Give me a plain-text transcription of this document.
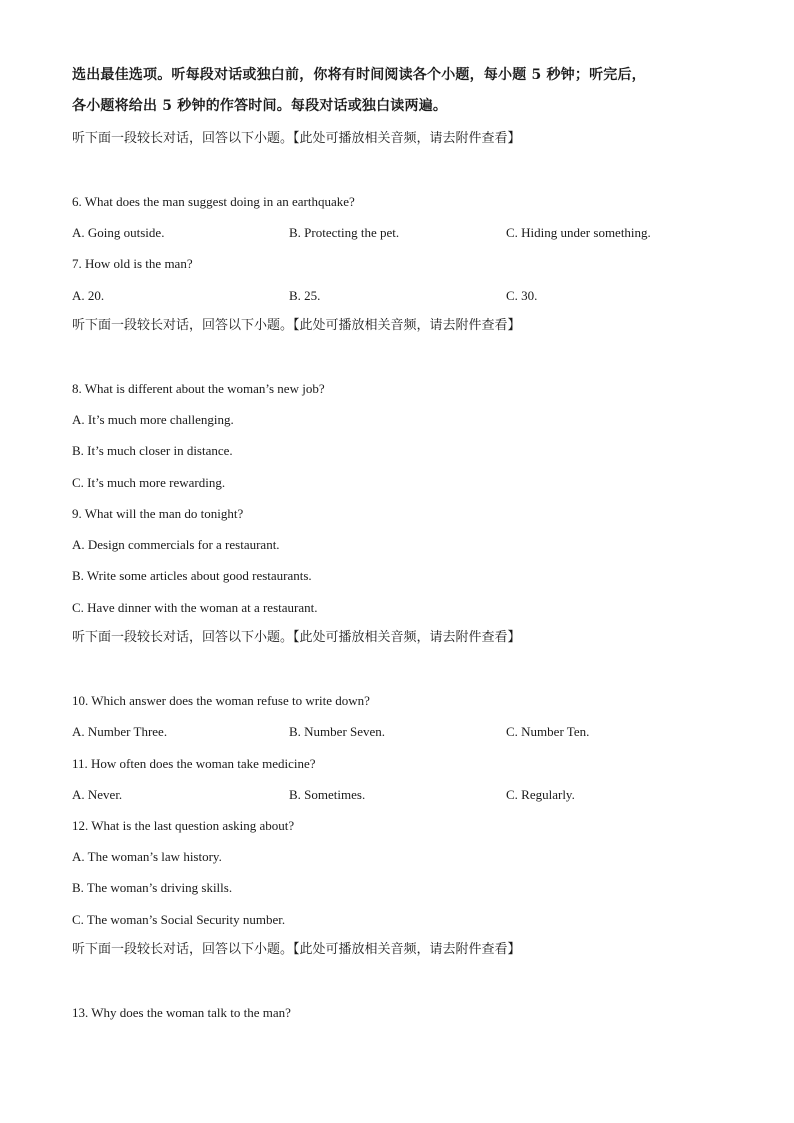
选出最佳选项。听每段对话或独白前，你将有时间阅读各个小题，每小题 5 秒钟；听完后，
各小题将给出 5 秒钟的作答时间。每段对话或独白读两遍。
听下面一段较长对话，回答以下小题。【此处可播放相关音频，请去附件查看】
6. What does the man suggest doing in an earthquake?
A. Going outside.	B. Protecting the pet.	C. Hiding under something.
7. How old is the man?
A. 20.	B. 25.	C. 30.
听下面一段较长对话，回答以下小题。【此处可播放相关音频，请去附件查看】
8. What is different about the woman’s new job?
A. It’s much more challenging.
B. It’s much closer in distance.
C. It’s much more rewarding.
9. What will the man do tonight?
A. Design commercials for a restaurant.
B. Write some articles about good restaurants.
C. Have dinner with the woman at a restaurant.
听下面一段较长对话，回答以下小题。【此处可播放相关音频，请去附件查看】
10. Which answer does the woman refuse to write down?
A. Number Three.	B. Number Seven.	C. Number Ten.
11. How often does the woman take medicine?
A. Never.	B. Sometimes.	C. Regularly.
12. What is the last question asking about?
A. The woman’s law history.
B. The woman’s driving skills.
C. The woman’s Social Security number.
听下面一段较长对话，回答以下小题。【此处可播放相关音频，请去附件查看】
13. Why does the woman talk to the man?
